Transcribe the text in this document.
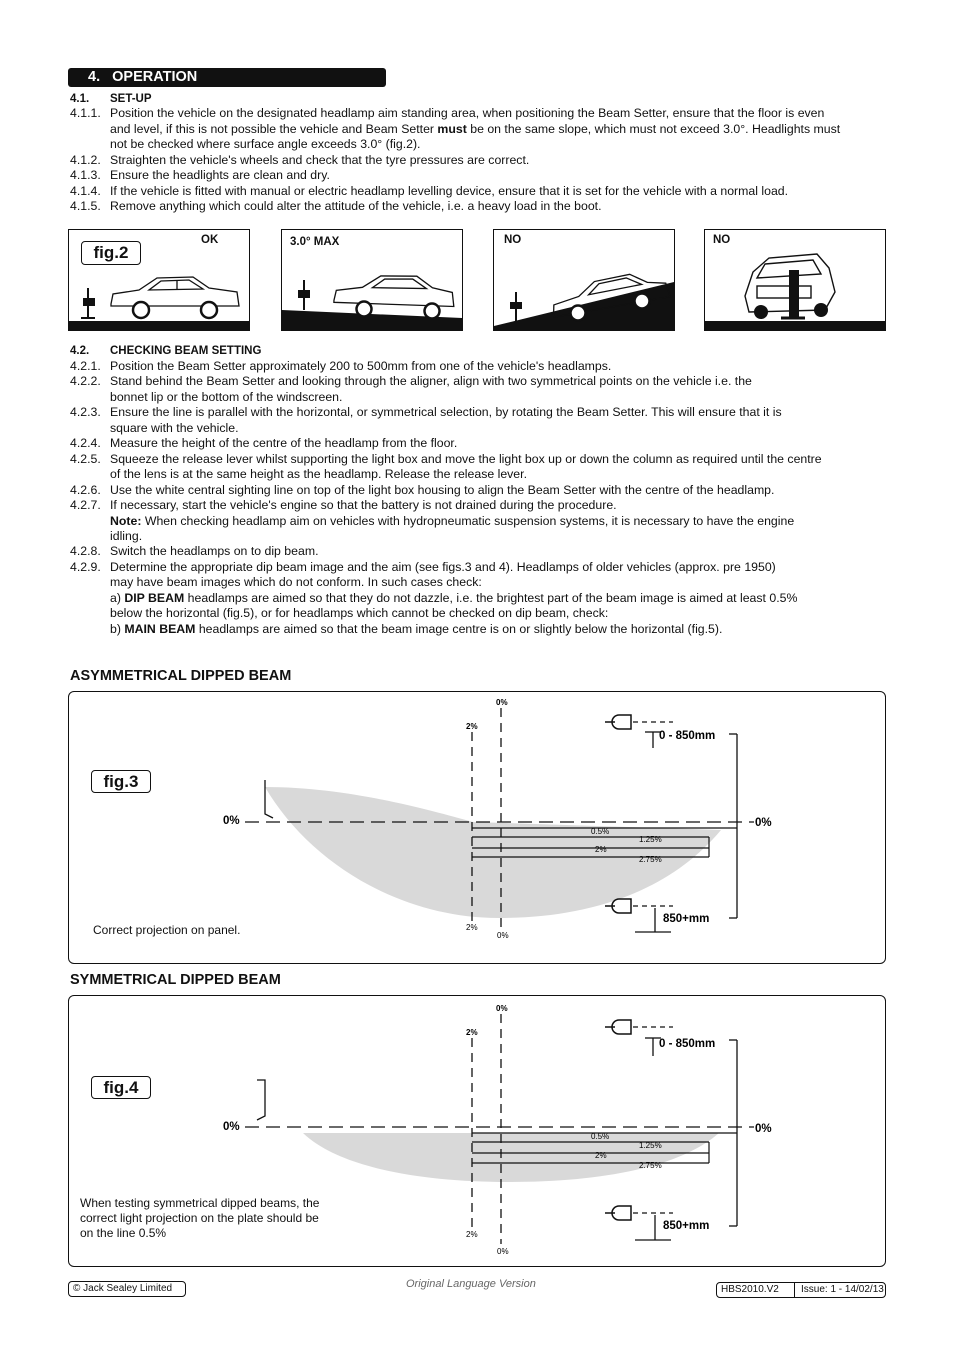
4. OPERATION
4.1. SET-UP
4.1.1. Position the vehicle on the designated headlamp aim standing area, when positioning the Beam Setter, ensure that the floor is even
and level, if this is not possible the vehicle and Beam Setter must be on the same slope, which must not exceed 3.0°. Headlights must
not be checked where surface angle exceeds 3.0° (fig.2).
4.1.2. Straighten the vehicle's wheels and check that the tyre pressures are correct.
4.1.3. Ensure the headlights are clean and dry.
4.1.4. If the vehicle is fitted with manual or electric headlamp levelling device, ensure that it is set for the vehicle with a normal load.
4.1.5. Remove anything which could alter the attitude of the vehicle, i.e. a heavy load in the boot.
fig.2
OK	3.0° MAX	NO	NO
4.2. CHECKING BEAM SETTING
4.2.1. Position the Beam Setter approximately 200 to 500mm from one of the vehicle's headlamps.
4.2.2. Stand behind the Beam Setter and looking through the aligner, align with two symmetrical points on the vehicle i.e. the
bonnet lip or the bottom of the windscreen.
4.2.3. Ensure the line is parallel with the horizontal, or symmetrical selection, by rotating the Beam Setter. This will ensure that it is
square with the vehicle.
4.2.4. Measure the height of the centre of the headlamp from the floor.
4.2.5. Squeeze the release lever whilst supporting the light box and move the light box up or down the column as required until the centre
of the lens is at the same height as the headlamp. Release the release lever.
4.2.6. Use the white central sighting line on top of the light box housing to align the Beam Setter with the centre of the headlamp.
4.2.7. If necessary, start the vehicle's engine so that the battery is not drained during the procedure.
Note: When checking headlamp aim on vehicles with hydropneumatic suspension systems, it is necessary to have the engine
idling.
4.2.8. Switch the headlamps on to dip beam.
4.2.9. Determine the appropriate dip beam image and the aim (see figs.3 and 4). Headlamps of older vehicles (approx. pre 1950)
may have beam images which do not conform. In such cases check:
a) DIP BEAM headlamps are aimed so that they do not dazzle, i.e. the brightest part of the beam image is aimed at least 0.5%
below the horizontal (fig.5), or for headlamps which cannot be checked on dip beam, check:
b) MAIN BEAM headlamps are aimed so that the beam image centre is on or slightly below the horizontal (fig.5).
ASYMMETRICAL DIPPED BEAM
fig.3
Correct projection on panel.
0%
2%
0%	0%
2%
0%
0.5%
1.25%
2%
2.75%
0 - 850mm
850+mm
SYMMETRICAL DIPPED BEAM
fig.4
When testing symmetrical dipped beams, the
correct light projection on the plate should be
on the line 0.5%
0%
2%
0%	0%
2%
0%
0.5%
1.25%
2%
2.75%
0 - 850mm
850+mm
© Jack Sealey Limited	Original Language Version	HBS2010.V2 Issue: 1 - 14/02/13
